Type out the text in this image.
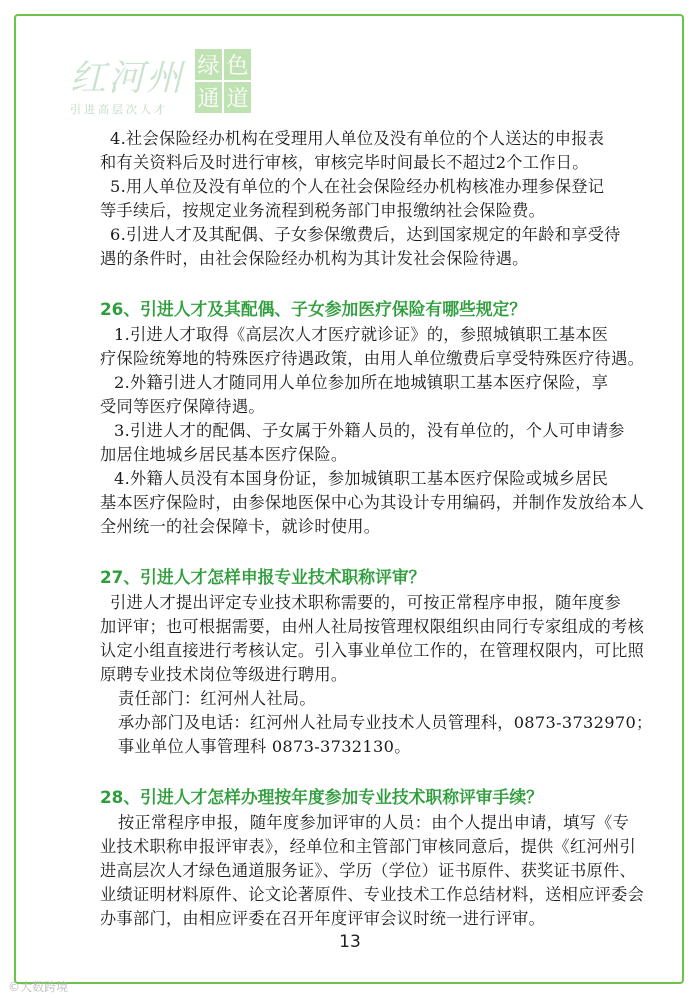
红河州 绿 色
通 道
引进高层次人才

4.社会保险经办机构在受理用人单位及没有单位的个人送达的申报表

和有关资料后及时进行审核，审核完毕时间最长不超过2个工作日。

5.用人单位及没有单位的个人在社会保险经办机构核准办理参保登记

等手续后，按规定业务流程到税务部门申报缴纳社会保险费。

6.引进人才及其配偶、子女参保缴费后，达到国家规定的年龄和享受待

遇的条件时，由社会保险经办机构为其计发社会保险待遇。

26、引进人才及其配偶、子女参加医疗保险有哪些规定？

1.引进人才取得《高层次人才医疗就诊证》的，参照城镇职工基本医

疗保险统筹地的特殊医疗待遇政策，由用人单位缴费后享受特殊医疗待遇。

2.外籍引进人才随同用人单位参加所在地城镇职工基本医疗保险，享

受同等医疗保障待遇。

3.引进人才的配偶、子女属于外籍人员的，没有单位的，个人可申请参

加居住地城乡居民基本医疗保险。

4.外籍人员没有本国身份证，参加城镇职工基本医疗保险或城乡居民

基本医疗保险时，由参保地医保中心为其设计专用编码，并制作发放给本人

全州统一的社会保障卡，就诊时使用。

27、引进人才怎样申报专业技术职称评审？

引进人才提出评定专业技术职称需要的，可按正常程序申报，随年度参

加评审；也可根据需要，由州人社局按管理权限组织由同行专家组成的考核

认定小组直接进行考核认定。引入事业单位工作的，在管理权限内，可比照

原聘专业技术岗位等级进行聘用。

责任部门：红河州人社局。

承办部门及电话：红河州人社局专业技术人员管理科，0873-3732970；

事业单位人事管理科 0873-3732130。

28、引进人才怎样办理按年度参加专业技术职称评审手续？

按正常程序申报，随年度参加评审的人员：由个人提出申请，填写《专

业技术职称申报评审表》，经单位和主管部门审核同意后，提供《红河州引

进高层次人才绿色通道服务证》、学历（学位）证书原件、获奖证书原件、

业绩证明材料原件、论文论著原件、专业技术工作总结材料，送相应评委会

办事部门，由相应评委在召开年度评审会议时统一进行评审。

13
©大数跨境
